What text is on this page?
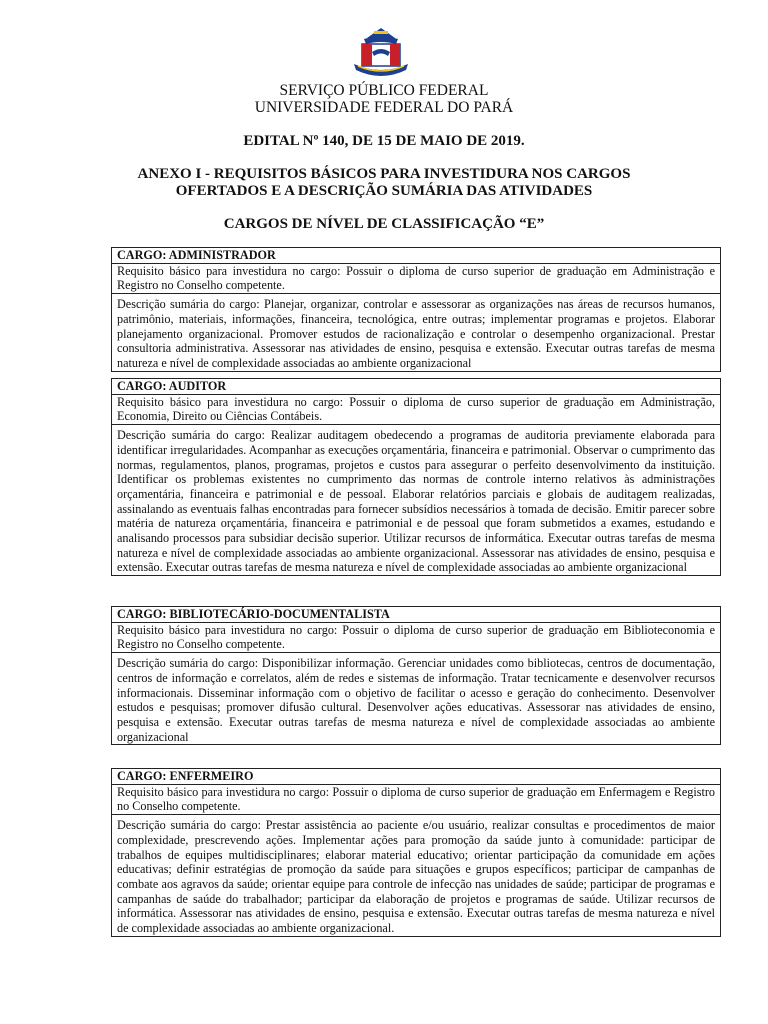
SERVIÇO PÚBLICO FEDERAL
UNIVERSIDADE FEDERAL DO PARÁ
EDITAL Nº 140, DE 15 DE MAIO DE 2019.
ANEXO I - REQUISITOS BÁSICOS PARA INVESTIDURA NOS CARGOS
OFERTADOS E A DESCRIÇÃO SUMÁRIA DAS ATIVIDADES
CARGOS DE NÍVEL DE CLASSIFICAÇÃO “E”
CARGO: ADMINISTRADOR
Requisito básico para investidura no cargo: Possuir o diploma de curso superior de graduação em Administração e Registro no Conselho competente.
Descrição sumária do cargo: Planejar, organizar, controlar e assessorar as organizações nas áreas de recursos humanos, patrimônio, materiais, informações, financeira, tecnológica, entre outras; implementar programas e projetos. Elaborar planejamento organizacional. Promover estudos de racionalização e controlar o desempenho organizacional. Prestar consultoria administrativa. Assessorar nas atividades de ensino, pesquisa e extensão. Executar outras tarefas de mesma natureza e nível de complexidade associadas ao ambiente organizacional
CARGO: AUDITOR
Requisito básico para investidura no cargo: Possuir o diploma de curso superior de graduação em Administração, Economia, Direito ou Ciências Contábeis.
Descrição sumária do cargo: Realizar auditagem obedecendo a programas de auditoria previamente elaborada para identificar irregularidades. Acompanhar as execuções orçamentária, financeira e patrimonial. Observar o cumprimento das normas, regulamentos, planos, programas, projetos e custos para assegurar o perfeito desenvolvimento da instituição. Identificar os problemas existentes no cumprimento das normas de controle interno relativos às administrações orçamentária, financeira e patrimonial e de pessoal. Elaborar relatórios parciais e globais de auditagem realizadas, assinalando as eventuais falhas encontradas para fornecer subsídios necessários à tomada de decisão. Emitir parecer sobre matéria de natureza orçamentária, financeira e patrimonial e de pessoal que foram submetidos a exames, estudando e analisando processos para subsidiar decisão superior. Utilizar recursos de informática. Executar outras tarefas de mesma natureza e nível de complexidade associadas ao ambiente organizacional. Assessorar nas atividades de ensino, pesquisa e extensão. Executar outras tarefas de mesma natureza e nível de complexidade associadas ao ambiente organizacional
CARGO: BIBLIOTECÁRIO-DOCUMENTALISTA
Requisito básico para investidura no cargo: Possuir o diploma de curso superior de graduação em Biblioteconomia e Registro no Conselho competente.
Descrição sumária do cargo: Disponibilizar informação. Gerenciar unidades como bibliotecas, centros de documentação, centros de informação e correlatos, além de redes e sistemas de informação. Tratar tecnicamente e desenvolver recursos informacionais. Disseminar informação com o objetivo de facilitar o acesso e geração do conhecimento. Desenvolver estudos e pesquisas; promover difusão cultural. Desenvolver ações educativas. Assessorar nas atividades de ensino, pesquisa e extensão. Executar outras tarefas de mesma natureza e nível de complexidade associadas ao ambiente organizacional
CARGO: ENFERMEIRO
Requisito básico para investidura no cargo: Possuir o diploma de curso superior de graduação em Enfermagem e Registro no Conselho competente.
Descrição sumária do cargo: Prestar assistência ao paciente e/ou usuário, realizar consultas e procedimentos de maior complexidade, prescrevendo ações. Implementar ações para promoção da saúde junto à comunidade: participar de trabalhos de equipes multidisciplinares; elaborar material educativo; orientar participação da comunidade em ações educativas; definir estratégias de promoção da saúde para situações e grupos específicos; participar de campanhas de combate aos agravos da saúde; orientar equipe para controle de infecção nas unidades de saúde; participar de programas e campanhas de saúde do trabalhador; participar da elaboração de projetos e programas de saúde. Utilizar recursos de informática. Assessorar nas atividades de ensino, pesquisa e extensão. Executar outras tarefas de mesma natureza e nível de complexidade associadas ao ambiente organizacional.
